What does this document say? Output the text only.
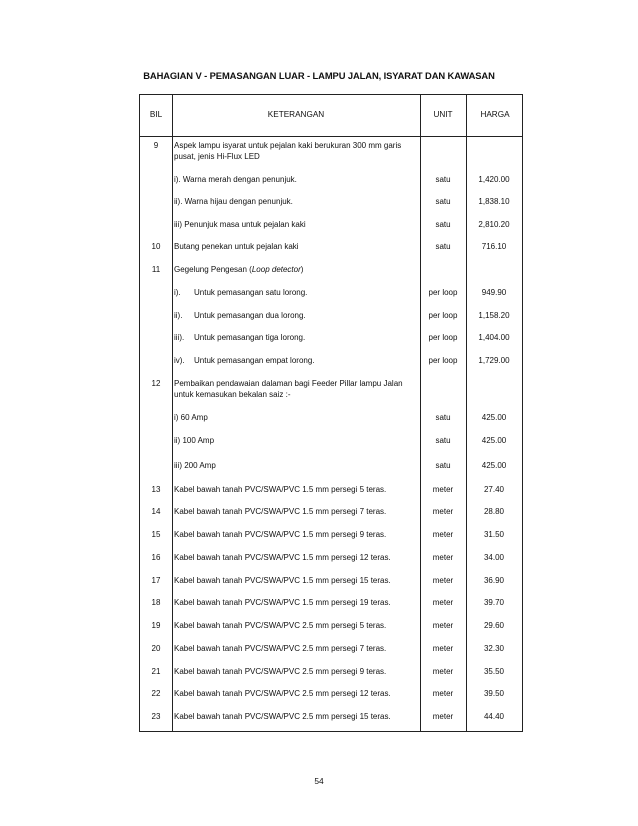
BAHAGIAN V - PEMASANGAN LUAR - LAMPU JALAN, ISYARAT DAN KAWASAN
BIL	KETERANGAN	UNIT	HARGA
9	Aspek lampu isyarat untuk pejalan kaki berukuran 300 mm garis pusat, jenis Hi-Flux LED
i). Warna merah dengan penunjuk.	satu	1,420.00
ii). Warna hijau dengan penunjuk.	satu	1,838.10
iii) Penunjuk masa untuk pejalan kaki	satu	2,810.20
10	Butang penekan untuk pejalan kaki	satu	716.10
11	Gegelung Pengesan (Loop detector)
i). Untuk pemasangan satu lorong.	per loop	949.90
ii). Untuk pemasangan dua lorong.	per loop	1,158.20
iii). Untuk pemasangan tiga lorong.	per loop	1,404.00
iv). Untuk pemasangan empat lorong.	per loop	1,729.00
12	Pembaikan pendawaian dalaman bagi Feeder Pillar lampu Jalan untuk kemasukan bekalan saiz :-
i) 60 Amp	satu	425.00
ii) 100 Amp	satu	425.00
iii) 200 Amp	satu	425.00
13	Kabel bawah tanah PVC/SWA/PVC 1.5 mm persegi 5 teras.	meter	27.40
14	Kabel bawah tanah PVC/SWA/PVC 1.5 mm persegi 7 teras.	meter	28.80
15	Kabel bawah tanah PVC/SWA/PVC 1.5 mm persegi 9 teras.	meter	31.50
16	Kabel bawah tanah PVC/SWA/PVC 1.5 mm persegi 12 teras.	meter	34.00
17	Kabel bawah tanah PVC/SWA/PVC 1.5 mm persegi 15 teras.	meter	36.90
18	Kabel bawah tanah PVC/SWA/PVC 1.5 mm persegi 19 teras.	meter	39.70
19	Kabel bawah tanah PVC/SWA/PVC 2.5 mm persegi 5 teras.	meter	29.60
20	Kabel bawah tanah PVC/SWA/PVC 2.5 mm persegi 7 teras.	meter	32.30
21	Kabel bawah tanah PVC/SWA/PVC 2.5 mm persegi 9 teras.	meter	35.50
22	Kabel bawah tanah PVC/SWA/PVC 2.5 mm persegi 12 teras.	meter	39.50
23	Kabel bawah tanah PVC/SWA/PVC 2.5 mm persegi 15 teras.	meter	44.40
54
